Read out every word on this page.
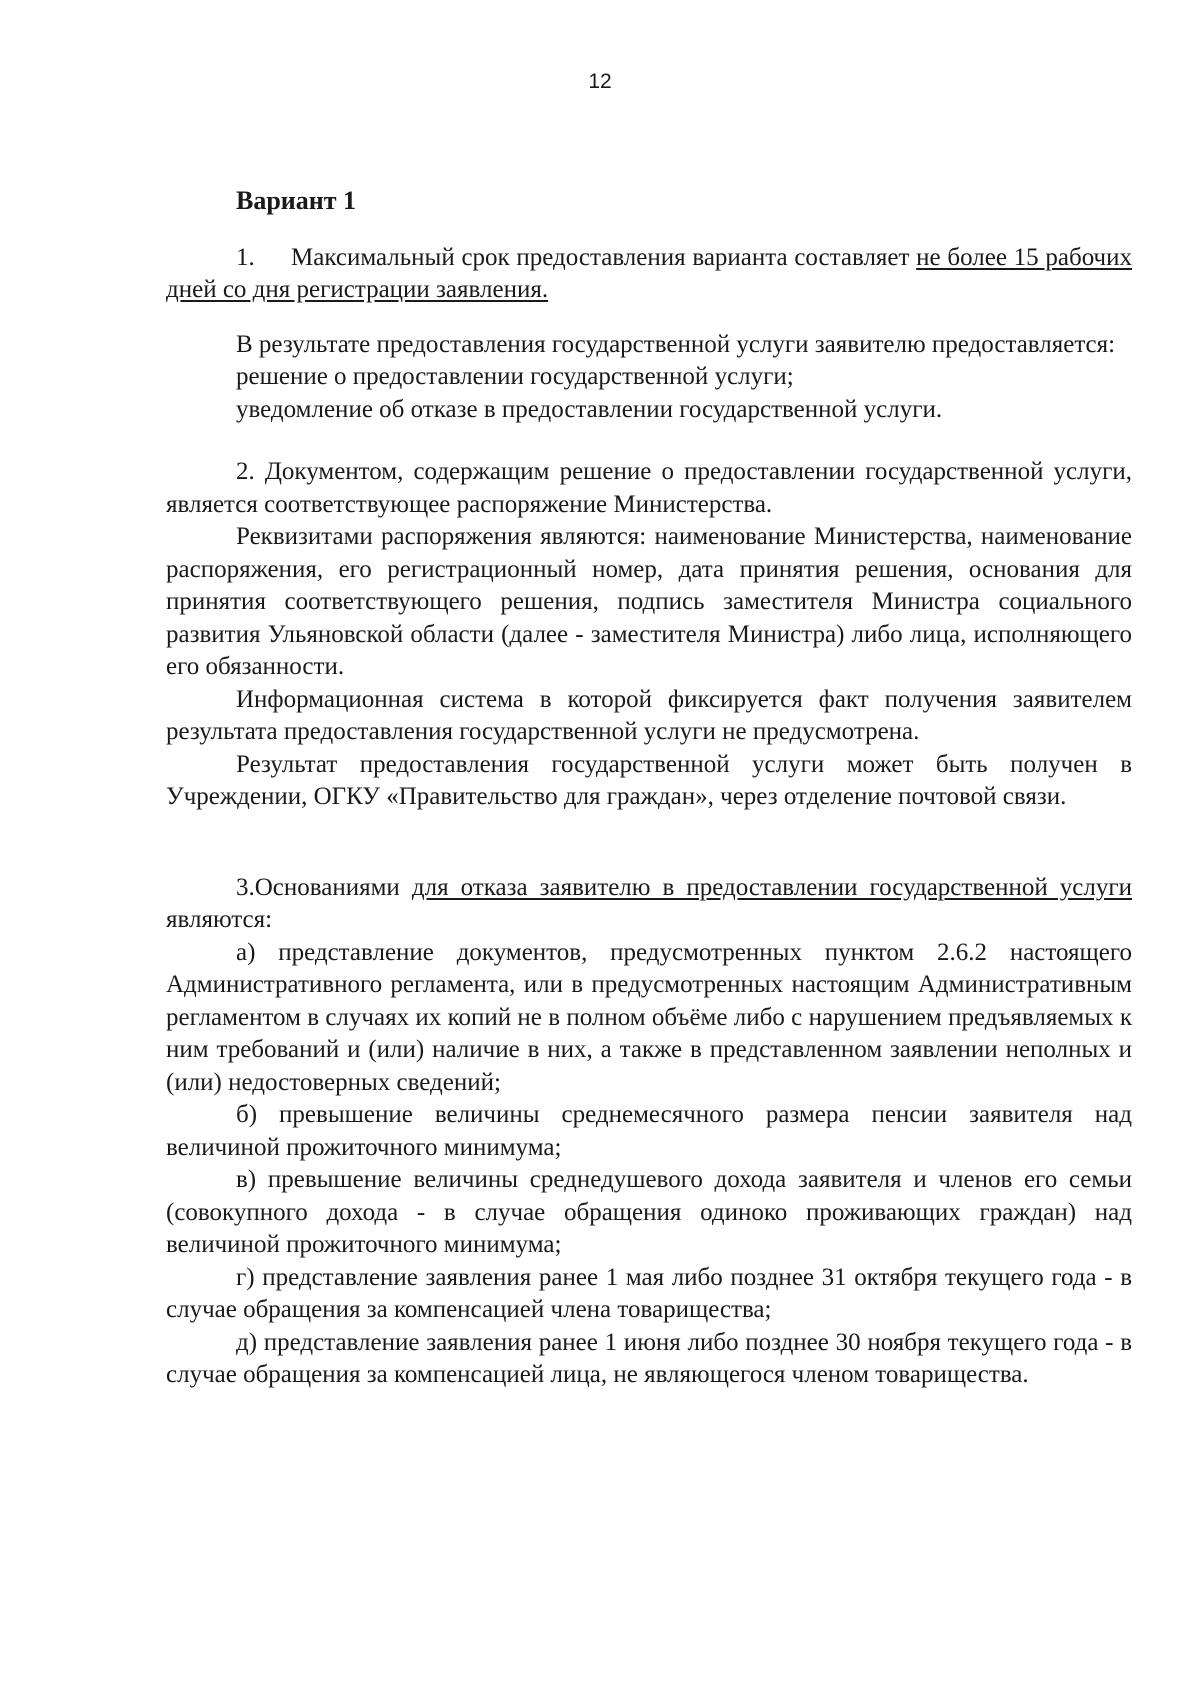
12
Вариант 1

1. Максимальный срок предоставления варианта составляет не более 15 рабочих дней со дня регистрации заявления.

В результате предоставления государственной услуги заявителю предоставляется:

решение о предоставлении государственной услуги;

уведомление об отказе в предоставлении государственной услуги.

2. Документом, содержащим решение о предоставлении государственной услуги, является соответствующее распоряжение Министерства.

Реквизитами распоряжения являются: наименование Министерства, наименование распоряжения, его регистрационный номер, дата принятия решения, основания для принятия соответствующего решения, подпись заместителя Министра социального развития Ульяновской области (далее - заместителя Министра) либо лица, исполняющего его обязанности.

Информационная система в которой фиксируется факт получения заявителем результата предоставления государственной услуги не предусмотрена.

Результат предоставления государственной услуги может быть получен в Учреждении, ОГКУ «Правительство для граждан», через отделение почтовой связи.

3.Основаниями для отказа заявителю в предоставлении государственной услуги являются:

а) представление документов, предусмотренных пунктом 2.6.2 настоящего Административного регламента, или в предусмотренных настоящим Административным регламентом в случаях их копий не в полном объёме либо с нарушением предъявляемых к ним требований и (или) наличие в них, а также в представленном заявлении неполных и (или) недостоверных сведений;

б) превышение величины среднемесячного размера пенсии заявителя над величиной прожиточного минимума;

в) превышение величины среднедушевого дохода заявителя и членов его семьи (совокупного дохода - в случае обращения одиноко проживающих граждан) над величиной прожиточного минимума;

г) представление заявления ранее 1 мая либо позднее 31 октября текущего года - в случае обращения за компенсацией члена товарищества;

д) представление заявления ранее 1 июня либо позднее 30 ноября текущего года - в случае обращения за компенсацией лица, не являющегося членом товарищества.
